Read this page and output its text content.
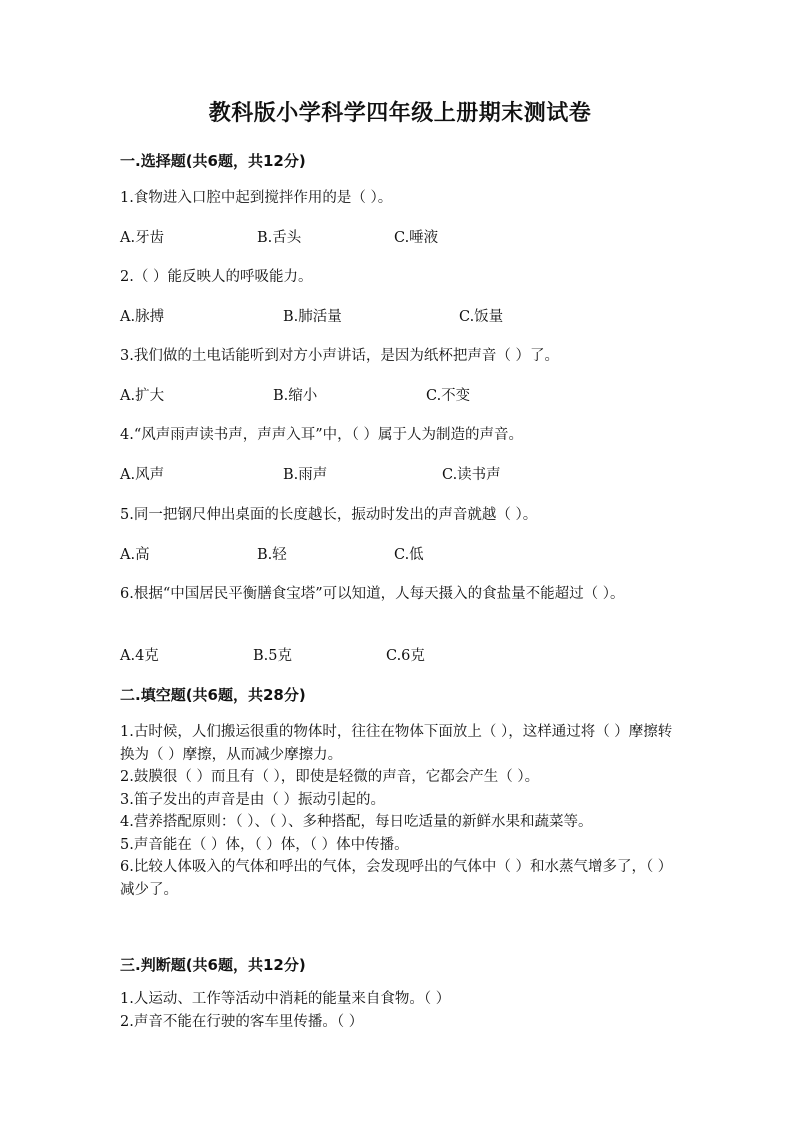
教科版小学科学四年级上册期末测试卷
一.选择题(共6题，共12分)
1.食物进入口腔中起到搅拌作用的是（ ）。
A.牙齿	B.舌头	C.唾液
2.（ ）能反映人的呼吸能力。
A.脉搏	B.肺活量	C.饭量
3.我们做的土电话能听到对方小声讲话，是因为纸杯把声音（ ）了。
A.扩大	B.缩小	C.不变
4.“风声雨声读书声，声声入耳”中，（ ）属于人为制造的声音。
A.风声	B.雨声	C.读书声
5.同一把钢尺伸出桌面的长度越长，振动时发出的声音就越（ ）。
A.高	B.轻	C.低
6.根据“中国居民平衡膳食宝塔”可以知道，人每天摄入的食盐量不能超过（ ）。
A.4克	B.5克	C.6克
二.填空题(共6题，共28分)
1.古时候，人们搬运很重的物体时，往往在物体下面放上（ ），这样通过将（ ）摩擦转换为（ ）摩擦，从而减少摩擦力。
2.鼓膜很（ ）而且有（ ），即使是轻微的声音，它都会产生（ ）。
3.笛子发出的声音是由（ ）振动引起的。
4.营养搭配原则：（ ）、（ ）、多种搭配，每日吃适量的新鲜水果和蔬菜等。
5.声音能在（ ）体，（ ）体，（ ）体中传播。
6.比较人体吸入的气体和呼出的气体，会发现呼出的气体中（ ）和水蒸气增多了，（ ）减少了。
三.判断题(共6题，共12分)
1.人运动、工作等活动中消耗的能量来自食物。（ ）
2.声音不能在行驶的客车里传播。（ ）
